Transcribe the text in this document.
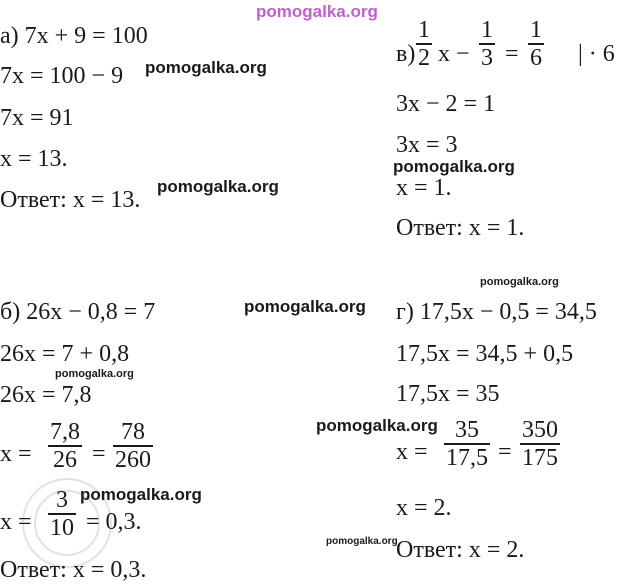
pomogalka.org
pomogalka.org
pomogalka.org
pomogalka.org
pomogalka.org
pomogalka.org
pomogalka.org
pomogalka.org
pomogalka.org
pomogalka.org
а) 7x + 9 = 100
7x = 100 − 9
7x = 91
x = 13.
Ответ: x = 13.
в)
1
2 x −
1
3 =
1
6 | · 6
3x − 2 = 1
3x = 3
x = 1.
Ответ: x = 1.
б) 26x − 0,8 = 7
26x = 7 + 0,8
26x = 7,8
x =
7,8
26 =
78
260
x =
3
10 = 0,3.
Ответ: x = 0,3.
г) 17,5x − 0,5 = 34,5
17,5x = 34,5 + 0,5
17,5x = 35
x =
35
17,5 =
350
175
x = 2.
Ответ: x = 2.
